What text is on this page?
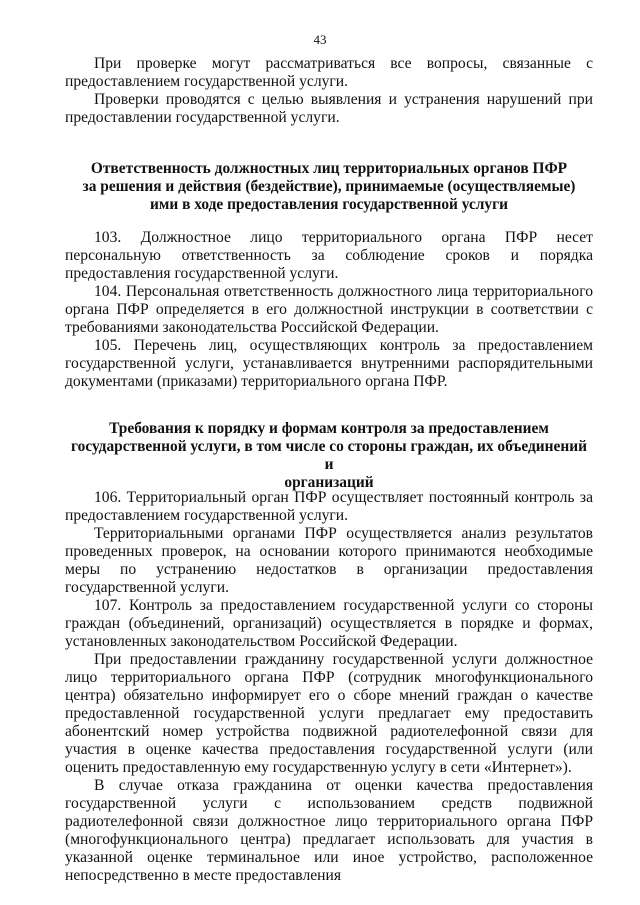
43

При проверке могут рассматриваться все вопросы, связанные с предоставлением государственной услуги.

Проверки проводятся с целью выявления и устранения нарушений при предоставлении государственной услуги.

Ответственность должностных лиц территориальных органов ПФР
за решения и действия (бездействие), принимаемые (осуществляемые)
ими в ходе предоставления государственной услуги

103. Должностное лицо территориального органа ПФР несет персональную ответственность за соблюдение сроков и порядка предоставления государственной услуги.

104. Персональная ответственность должностного лица территориального органа ПФР определяется в его должностной инструкции в соответствии с требованиями законодательства Российской Федерации.

105. Перечень лиц, осуществляющих контроль за предоставлением государственной услуги, устанавливается внутренними распорядительными документами (приказами) территориального органа ПФР.

Требования к порядку и формам контроля за предоставлением
государственной услуги, в том числе со стороны граждан, их объединений и
организаций

106. Территориальный орган ПФР осуществляет постоянный контроль за предоставлением государственной услуги.

Территориальными органами ПФР осуществляется анализ результатов проведенных проверок, на основании которого принимаются необходимые меры по устранению недостатков в организации предоставления государственной услуги.

107. Контроль за предоставлением государственной услуги со стороны граждан (объединений, организаций) осуществляется в порядке и формах, установленных законодательством Российской Федерации.

При предоставлении гражданину государственной услуги должностное лицо территориального органа ПФР (сотрудник многофункционального центра) обязательно информирует его о сборе мнений граждан о качестве предоставленной государственной услуги предлагает ему предоставить абонентский номер устройства подвижной радиотелефонной связи для участия в оценке качества предоставления государственной услуги (или оценить предоставленную ему государственную услугу в сети «Интернет»).

В случае отказа гражданина от оценки качества предоставления государственной услуги с использованием средств подвижной радиотелефонной связи должностное лицо территориального органа ПФР (многофункционального центра) предлагает использовать для участия в указанной оценке терминальное или иное устройство, расположенное непосредственно в месте предоставления
